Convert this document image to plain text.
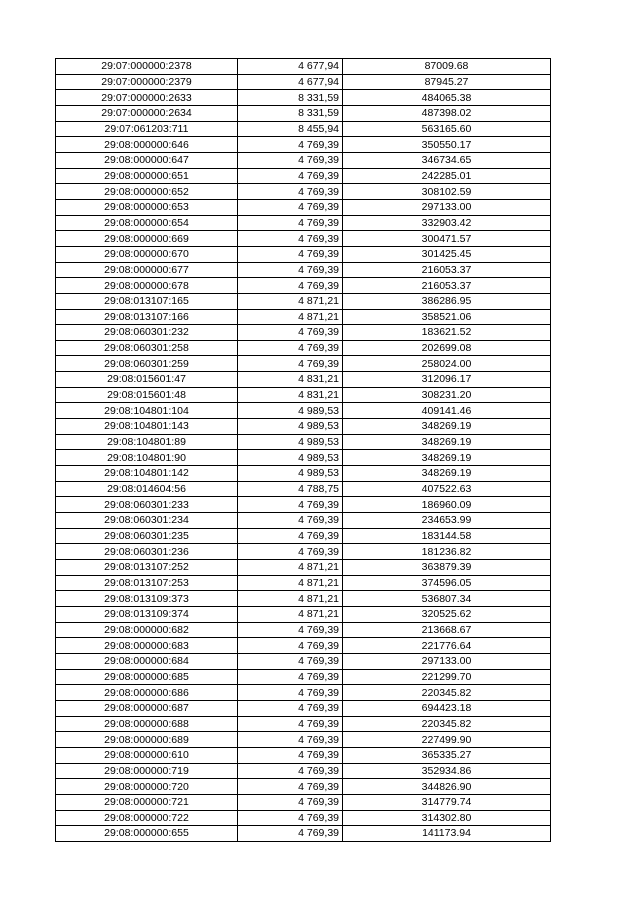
29:07:000000:2378	4 677,94	87009.68
29:07:000000:2379	4 677,94	87945.27
29:07:000000:2633	8 331,59	484065.38
29:07:000000:2634	8 331,59	487398.02
29:07:061203:711	8 455,94	563165.60
29:08:000000:646	4 769,39	350550.17
29:08:000000:647	4 769,39	346734.65
29:08:000000:651	4 769,39	242285.01
29:08:000000:652	4 769,39	308102.59
29:08:000000:653	4 769,39	297133.00
29:08:000000:654	4 769,39	332903.42
29:08:000000:669	4 769,39	300471.57
29:08:000000:670	4 769,39	301425.45
29:08:000000:677	4 769,39	216053.37
29:08:000000:678	4 769,39	216053.37
29:08:013107:165	4 871,21	386286.95
29:08:013107:166	4 871,21	358521.06
29:08:060301:232	4 769,39	183621.52
29:08:060301:258	4 769,39	202699.08
29:08:060301:259	4 769,39	258024.00
29:08:015601:47	4 831,21	312096.17
29:08:015601:48	4 831,21	308231.20
29:08:104801:104	4 989,53	409141.46
29:08:104801:143	4 989,53	348269.19
29:08:104801:89	4 989,53	348269.19
29:08:104801:90	4 989,53	348269.19
29:08:104801:142	4 989,53	348269.19
29:08:014604:56	4 788,75	407522.63
29:08:060301:233	4 769,39	186960.09
29:08:060301:234	4 769,39	234653.99
29:08:060301:235	4 769,39	183144.58
29:08:060301:236	4 769,39	181236.82
29:08:013107:252	4 871,21	363879.39
29:08:013107:253	4 871,21	374596.05
29:08:013109:373	4 871,21	536807.34
29:08:013109:374	4 871,21	320525.62
29:08:000000:682	4 769,39	213668.67
29:08:000000:683	4 769,39	221776.64
29:08:000000:684	4 769,39	297133.00
29:08:000000:685	4 769,39	221299.70
29:08:000000:686	4 769,39	220345.82
29:08:000000:687	4 769,39	694423.18
29:08:000000:688	4 769,39	220345.82
29:08:000000:689	4 769,39	227499.90
29:08:000000:610	4 769,39	365335.27
29:08:000000:719	4 769,39	352934.86
29:08:000000:720	4 769,39	344826.90
29:08:000000:721	4 769,39	314779.74
29:08:000000:722	4 769,39	314302.80
29:08:000000:655	4 769,39	141173.94
